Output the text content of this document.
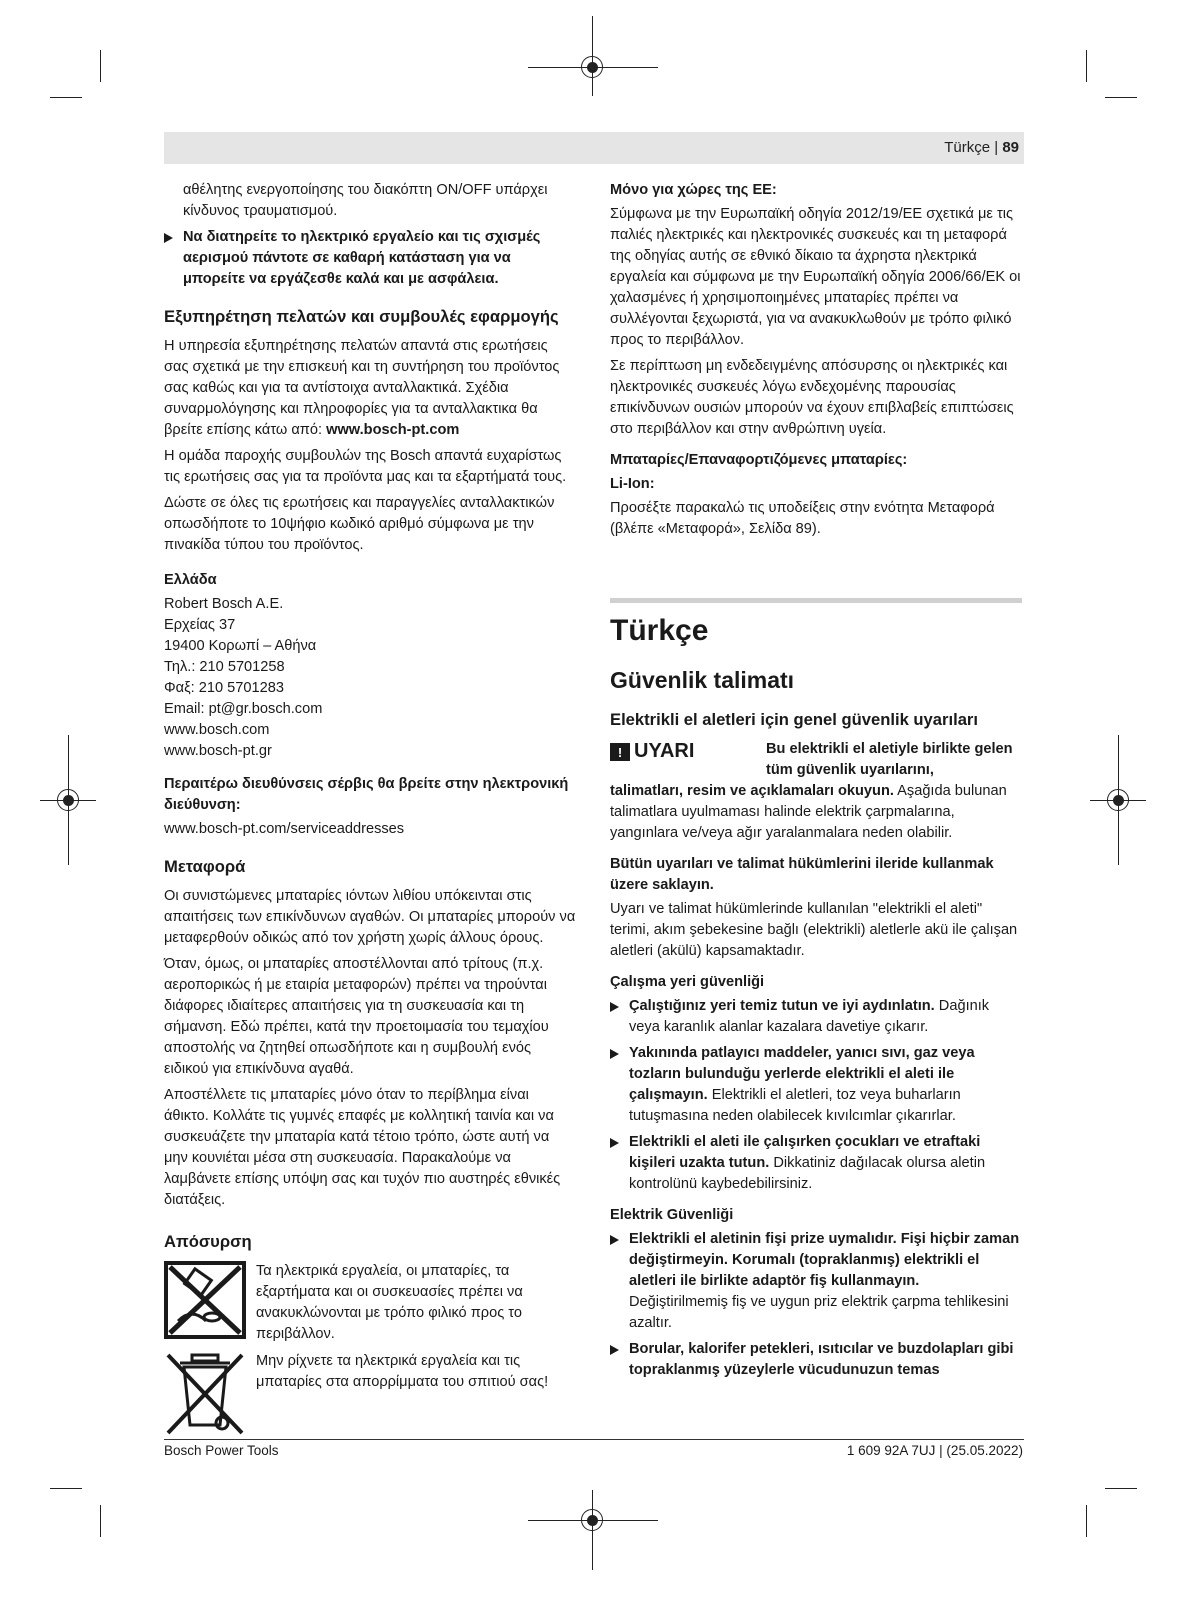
Türkçe | 89

αθέλητης ενεργοποίησης του διακόπτη ON/OFF υπάρχει κίνδυνος τραυματισμού.

Να διατηρείτε το ηλεκτρικό εργαλείο και τις σχισμές αερισμού πάντοτε σε καθαρή κατάσταση για να μπορείτε να εργάζεσθε καλά και με ασφάλεια.
Εξυπηρέτηση πελατών και συμβουλές εφαρμογής

Η υπηρεσία εξυπηρέτησης πελατών απαντά στις ερωτήσεις σας σχετικά με την επισκευή και τη συντήρηση του προϊόντος σας καθώς και για τα αντίστοιχα ανταλλακτικά. Σχέδια συναρμολόγησης και πληροφορίες για τα ανταλλακτικα θα βρείτε επίσης κάτω από: www.bosch-pt.com

Η ομάδα παροχής συμβουλών της Bosch απαντά ευχαρίστως τις ερωτήσεις σας για τα προϊόντα μας και τα εξαρτήματά τους.

Δώστε σε όλες τις ερωτήσεις και παραγγελίες ανταλλακτικών οπωσδήποτε το 10ψήφιο κωδικό αριθμό σύμφωνα με την πινακίδα τύπου του προϊόντος.

Ελλάδα
Robert Bosch A.E.
Ερχείας 37
19400 Κορωπί – Αθήνα
Τηλ.: 210 5701258
Φαξ: 210 5701283
Email: pt@gr.bosch.com
www.bosch.com
www.bosch-pt.gr
Περαιτέρω διευθύνσεις σέρβις θα βρείτε στην ηλεκτρονική διεύθυνση:

www.bosch-pt.com/serviceaddresses

Μεταφορά

Οι συνιστώμενες μπαταρίες ιόντων λιθίου υπόκεινται στις απαιτήσεις των επικίνδυνων αγαθών. Οι μπαταρίες μπορούν να μεταφερθούν οδικώς από τον χρήστη χωρίς άλλους όρους.

Όταν, όμως, οι μπαταρίες αποστέλλονται από τρίτους (π.χ. αεροπορικώς ή με εταιρία μεταφορών) πρέπει να τηρούνται διάφορες ιδιαίτερες απαιτήσεις για τη συσκευασία και τη σήμανση. Εδώ πρέπει, κατά την προετοιμασία του τεμαχίου αποστολής να ζητηθεί οπωσδήποτε και η συμβουλή ενός ειδικού για επικίνδυνα αγαθά.

Αποστέλλετε τις μπαταρίες μόνο όταν το περίβλημα είναι άθικτο. Κολλάτε τις γυμνές επαφές με κολλητική ταινία και να συσκευάζετε την μπαταρία κατά τέτοιο τρόπο, ώστε αυτή να μην κουνιέται μέσα στη συσκευασία. Παρακαλούμε να λαμβάνετε επίσης υπόψη σας και τυχόν πιο αυστηρές εθνικές διατάξεις.

Απόσυρση
Τα ηλεκτρικά εργαλεία, οι μπαταρίες, τα εξαρτήματα και οι συσκευασίες πρέπει να ανακυκλώνονται με τρόπο φιλικό προς το περιβάλλον.
Μην ρίχνετε τα ηλεκτρικά εργαλεία και τις μπαταρίες στα απορρίμματα του σπιτιού σας!
Μόνο για χώρες της ΕΕ:

Σύμφωνα με την Ευρωπαϊκή οδηγία 2012/19/ΕΕ σχετικά με τις παλιές ηλεκτρικές και ηλεκτρονικές συσκευές και τη μεταφορά της οδηγίας αυτής σε εθνικό δίκαιο τα άχρηστα ηλεκτρικά εργαλεία και σύμφωνα με την Ευρωπαϊκή οδηγία 2006/66/ΕΚ οι χαλασμένες ή χρησιμοποιημένες μπαταρίες πρέπει να συλλέγονται ξεχωριστά, για να ανακυκλωθούν με τρόπο φιλικό προς το περιβάλλον.

Σε περίπτωση μη ενδεδειγμένης απόσυρσης οι ηλεκτρικές και ηλεκτρονικές συσκευές λόγω ενδεχομένης παρουσίας επικίνδυνων ουσιών μπορούν να έχουν επιβλαβείς επιπτώσεις στο περιβάλλον και στην ανθρώπινη υγεία.

Μπαταρίες/Επαναφορτιζόμενες μπαταρίες:
Li-Ion:

Προσέξτε παρακαλώ τις υποδείξεις στην ενότητα Μεταφορά (βλέπε «Μεταφορά», Σελίδα 89).

Türkçe
Güvenlik talimatı
Elektrikli el aletleri için genel güvenlik uyarıları
! UYARI	Bu elektrikli el aletiyle birlikte gelen tüm güvenlik uyarılarını,

talimatları, resim ve açıklamaları okuyun. Aşağıda bulunan talimatlara uyulmaması halinde elektrik çarpmalarına, yangınlara ve/veya ağır yaralanmalara neden olabilir.

Bütün uyarıları ve talimat hükümlerini ileride kullanmak üzere saklayın.

Uyarı ve talimat hükümlerinde kullanılan "elektrikli el aleti" terimi, akım şebekesine bağlı (elektrikli) aletlerle akü ile çalışan aletleri (akülü) kapsamaktadır.

Çalışma yeri güvenliği
Çalıştığınız yeri temiz tutun ve iyi aydınlatın. Dağınık veya karanlık alanlar kazalara davetiye çıkarır.
Yakınında patlayıcı maddeler, yanıcı sıvı, gaz veya tozların bulunduğu yerlerde elektrikli el aleti ile çalışmayın. Elektrikli el aletleri, toz veya buharların tutuşmasına neden olabilecek kıvılcımlar çıkarırlar.
Elektrikli el aleti ile çalışırken çocukları ve etraftaki kişileri uzakta tutun. Dikkatiniz dağılacak olursa aletin kontrolünü kaybedebilirsiniz.
Elektrik Güvenliği
Elektrikli el aletinin fişi prize uymalıdır. Fişi hiçbir zaman değiştirmeyin. Korumalı (topraklanmış) elektrikli el aletleri ile birlikte adaptör fiş kullanmayın. Değiştirilmemiş fiş ve uygun priz elektrik çarpma tehlikesini azaltır.
Borular, kalorifer petekleri, ısıtıcılar ve buzdolapları gibi topraklanmış yüzeylerle vücudunuzun temas
Bosch Power Tools	1 609 92A 7UJ | (25.05.2022)
